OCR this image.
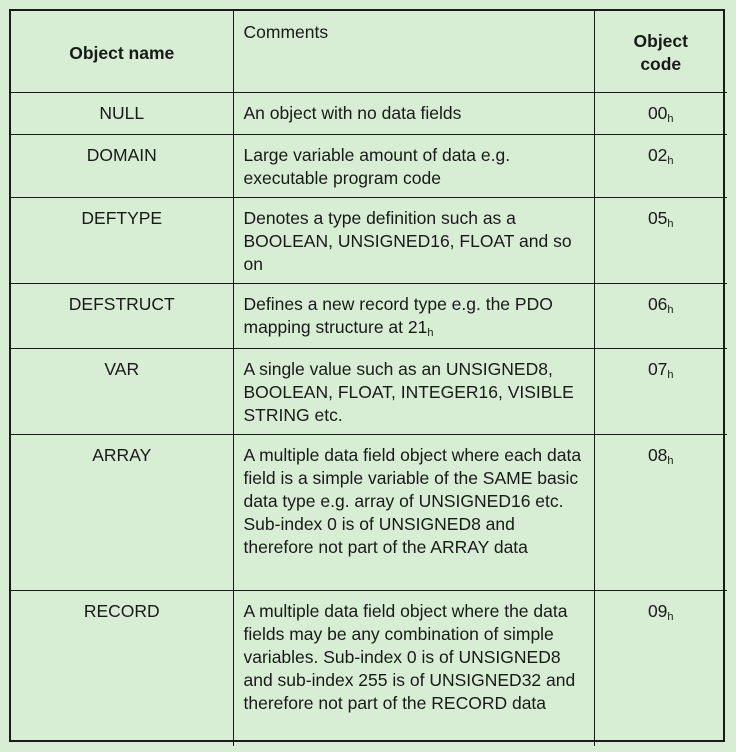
Object name	Comments	Object code

NULL	An object with no data fields	00h
DOMAIN	Large variable amount of data e.g. executable program code	02h
DEFTYPE	Denotes a type definition such as a BOOLEAN, UNSIGNED16, FLOAT and so on	05h
DEFSTRUCT	Defines a new record type e.g. the PDO mapping structure at 21h	06h
VAR	A single value such as an UNSIGNED8, BOOLEAN, FLOAT, INTEGER16, VISIBLE STRING etc.	07h
ARRAY	A multiple data field object where each data field is a simple variable of the SAME basic data type e.g. array of UNSIGNED16 etc. Sub-index 0 is of UNSIGNED8 and therefore not part of the ARRAY data	08h
RECORD	A multiple data field object where the data fields may be any combination of simple variables. Sub-index 0 is of UNSIGNED8 and sub-index 255 is of UNSIGNED32 and therefore not part of the RECORD data	09h
